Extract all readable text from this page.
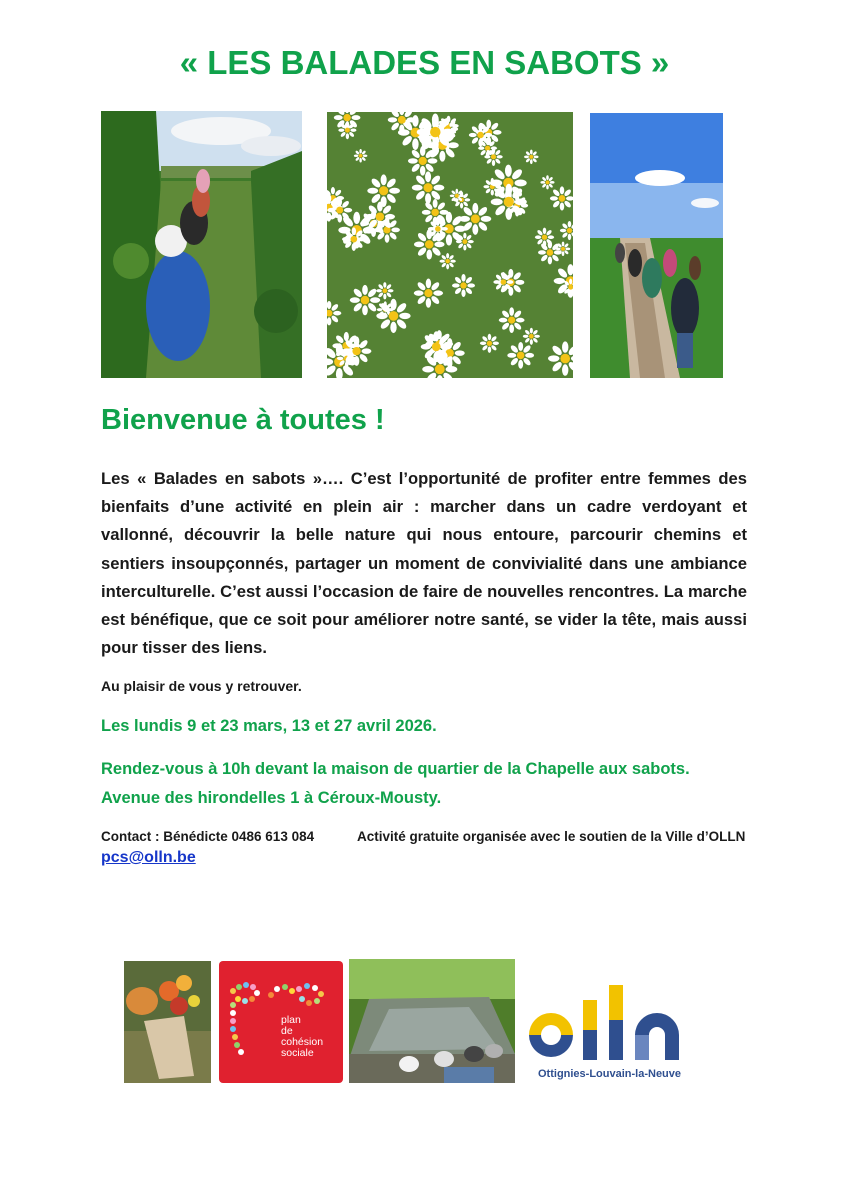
« LES BALADES EN SABOTS »
Bienvenue à toutes !
Les « Balades en sabots »…. C’est l’opportunité de profiter entre femmes des bienfaits d’une activité en plein air : marcher dans un cadre verdoyant et vallonné, découvrir la belle nature qui nous entoure, parcourir chemins et sentiers insoupçonnés, partager un moment de convivialité dans une ambiance interculturelle. C’est aussi l’occasion de faire de nouvelles rencontres. La marche est bénéfique, que ce soit pour améliorer notre santé, se vider la tête, mais aussi pour tisser des liens.
Au plaisir de vous y retrouver.
Les lundis 9 et 23 mars, 13 et 27 avril 2026.
Rendez-vous à 10h devant la maison de quartier de la Chapelle aux sabots.
Avenue des hirondelles 1 à Céroux-Mousty.
Contact : Bénédicte 0486 613 084	Activité gratuite organisée avec le soutien de la Ville d’OLLN
pcs@olln.be
plan
de
cohésion
sociale
Ottignies-Louvain-la-Neuve
